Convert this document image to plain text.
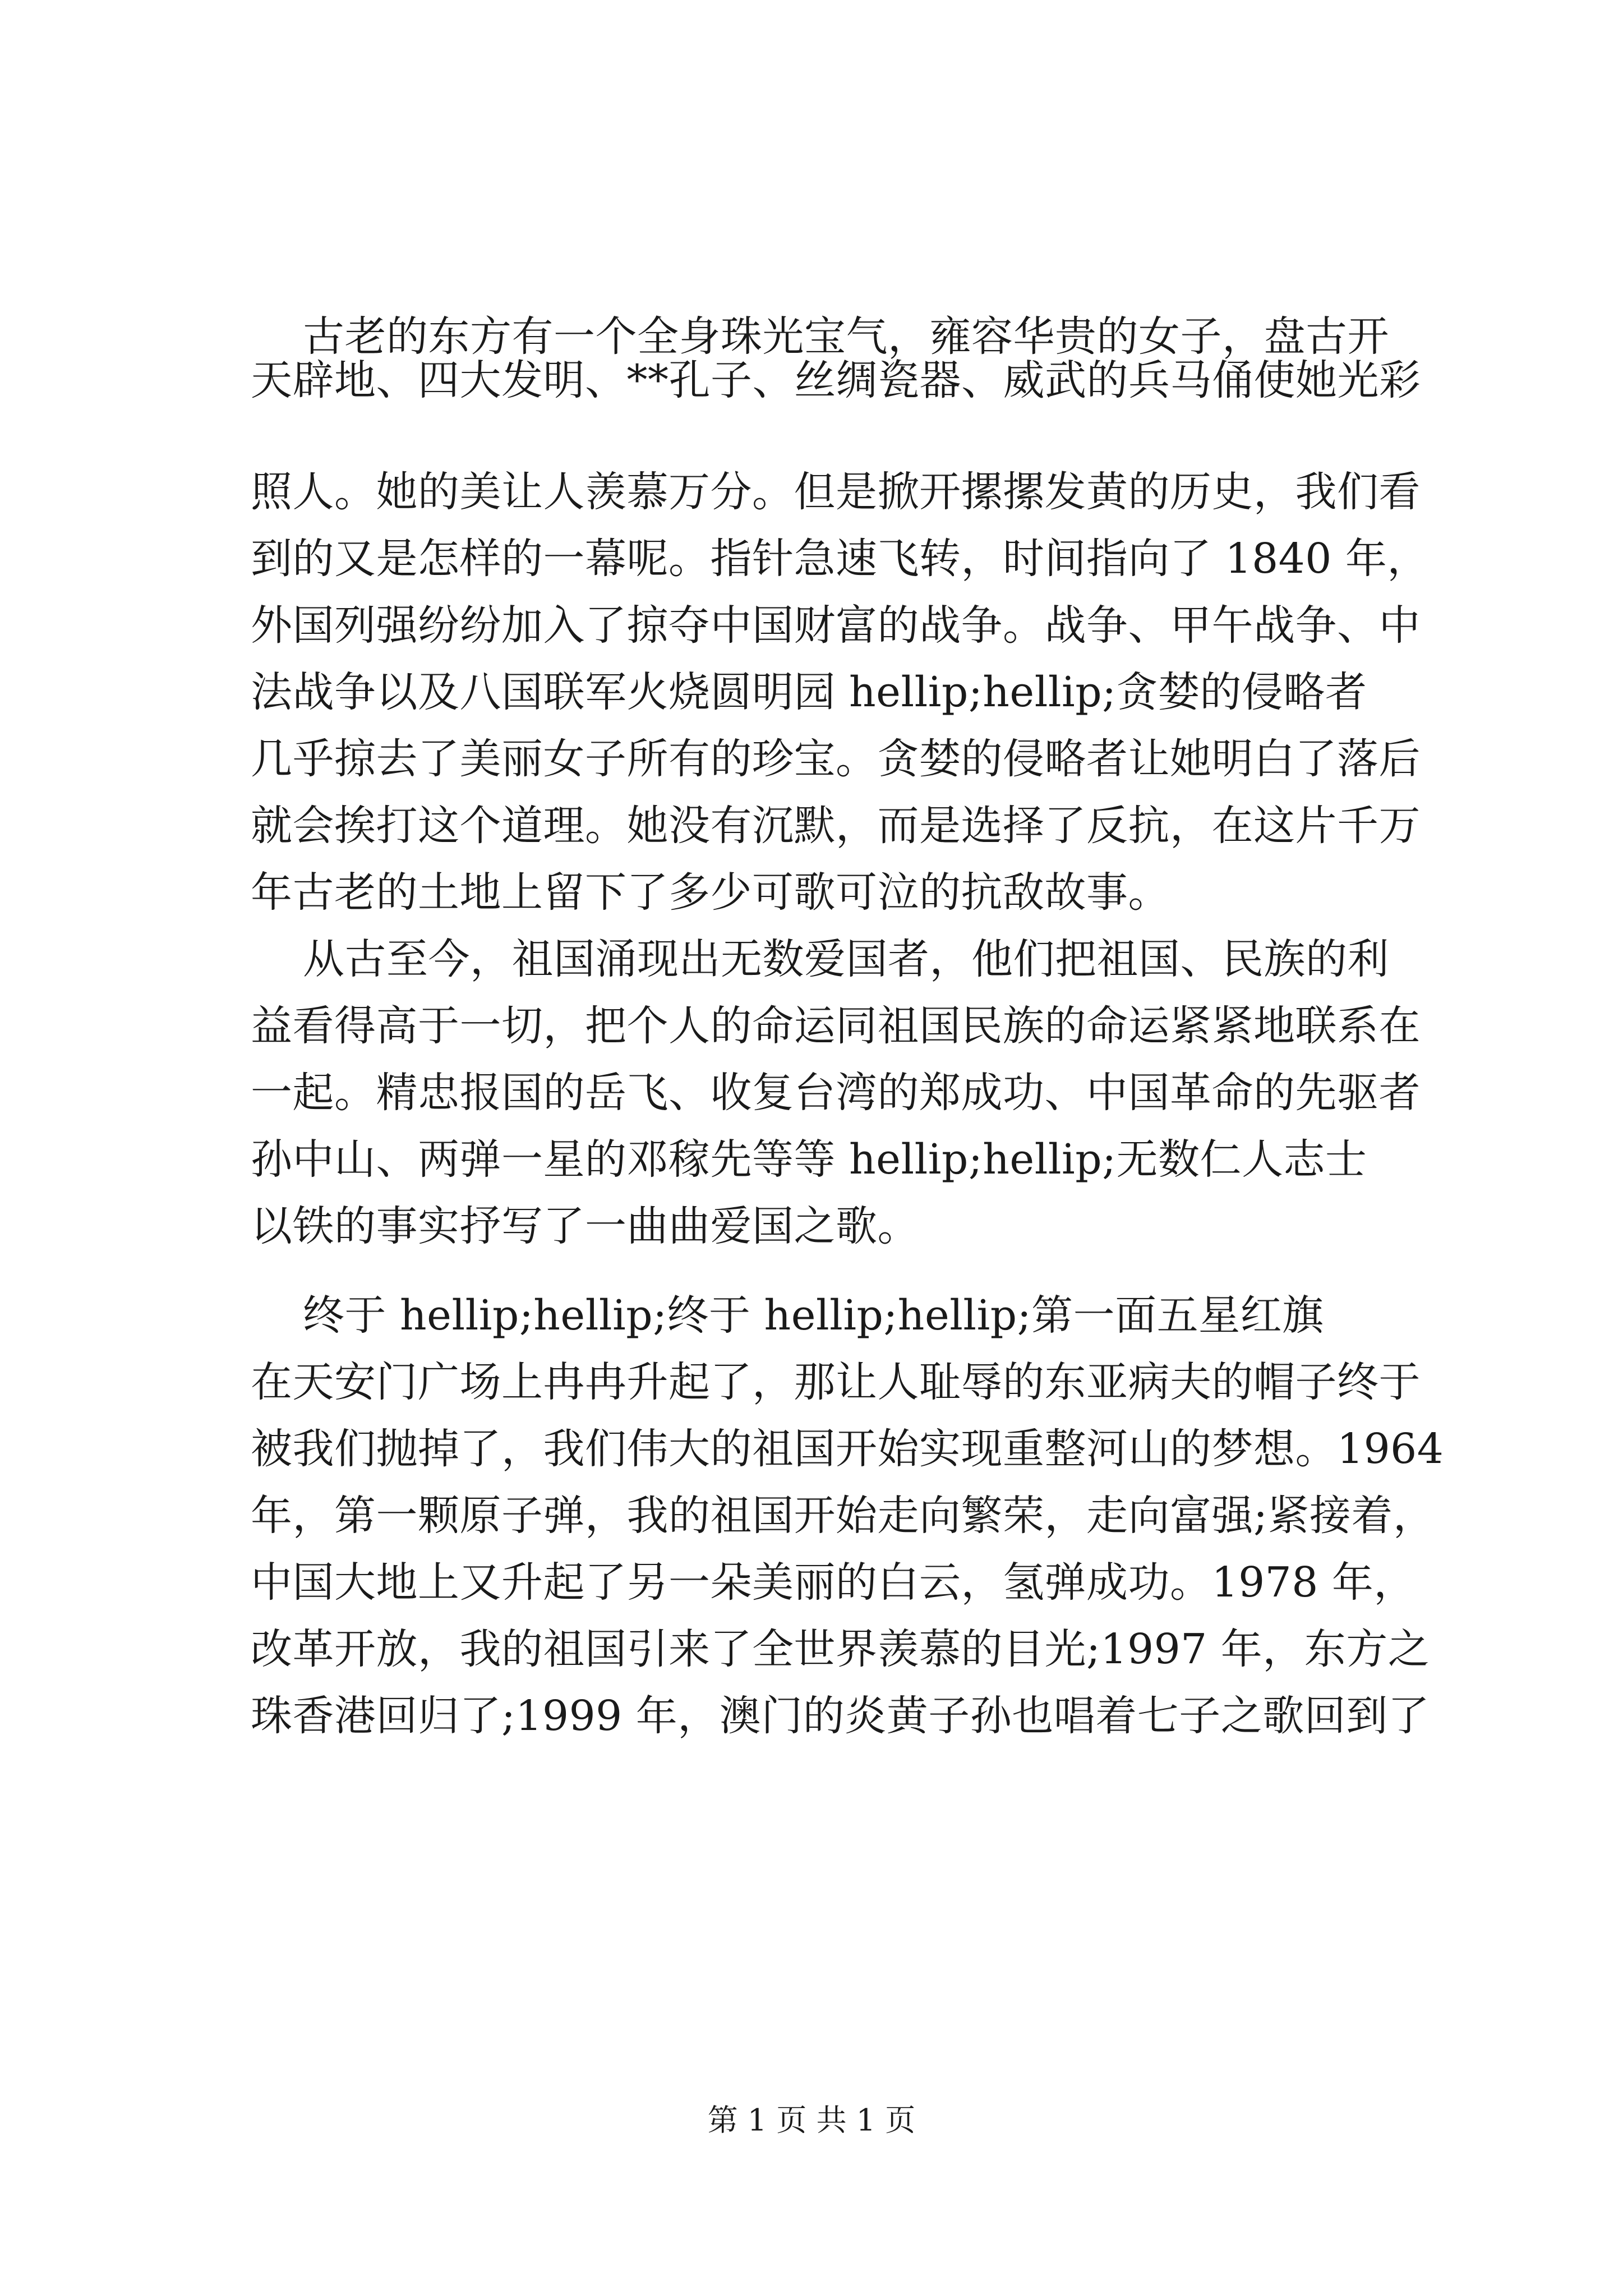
古老的东方有一个全身珠光宝气，雍容华贵的女子，盘古开
天辟地、四大发明、**孔子、丝绸瓷器、威武的兵马俑使她光彩
照人。她的美让人羡慕万分。但是掀开摞摞发黄的历史，我们看
到的又是怎样的一幕呢。指针急速飞转，时间指向了 1840 年，
外国列强纷纷加入了掠夺中国财富的战争。战争、甲午战争、中
法战争以及八国联军火烧圆明园 hellip;hellip;贪婪的侵略者
几乎掠去了美丽女子所有的珍宝。贪婪的侵略者让她明白了落后
就会挨打这个道理。她没有沉默，而是选择了反抗，在这片千万
年古老的土地上留下了多少可歌可泣的抗敌故事。
从古至今，祖国涌现出无数爱国者，他们把祖国、民族的利
益看得高于一切，把个人的命运同祖国民族的命运紧紧地联系在
一起。精忠报国的岳飞、收复台湾的郑成功、中国革命的先驱者
孙中山、两弹一星的邓稼先等等 hellip;hellip;无数仁人志士
以铁的事实抒写了一曲曲爱国之歌。
终于 hellip;hellip;终于 hellip;hellip;第一面五星红旗
在天安门广场上冉冉升起了，那让人耻辱的东亚病夫的帽子终于
被我们抛掉了，我们伟大的祖国开始实现重整河山的梦想。1964
年，第一颗原子弹，我的祖国开始走向繁荣，走向富强;紧接着，
中国大地上又升起了另一朵美丽的白云，氢弹成功。1978 年，
改革开放，我的祖国引来了全世界羡慕的目光;1997 年，东方之
珠香港回归了;1999 年，澳门的炎黄子孙也唱着七子之歌回到了
第 1 页 共 1 页
